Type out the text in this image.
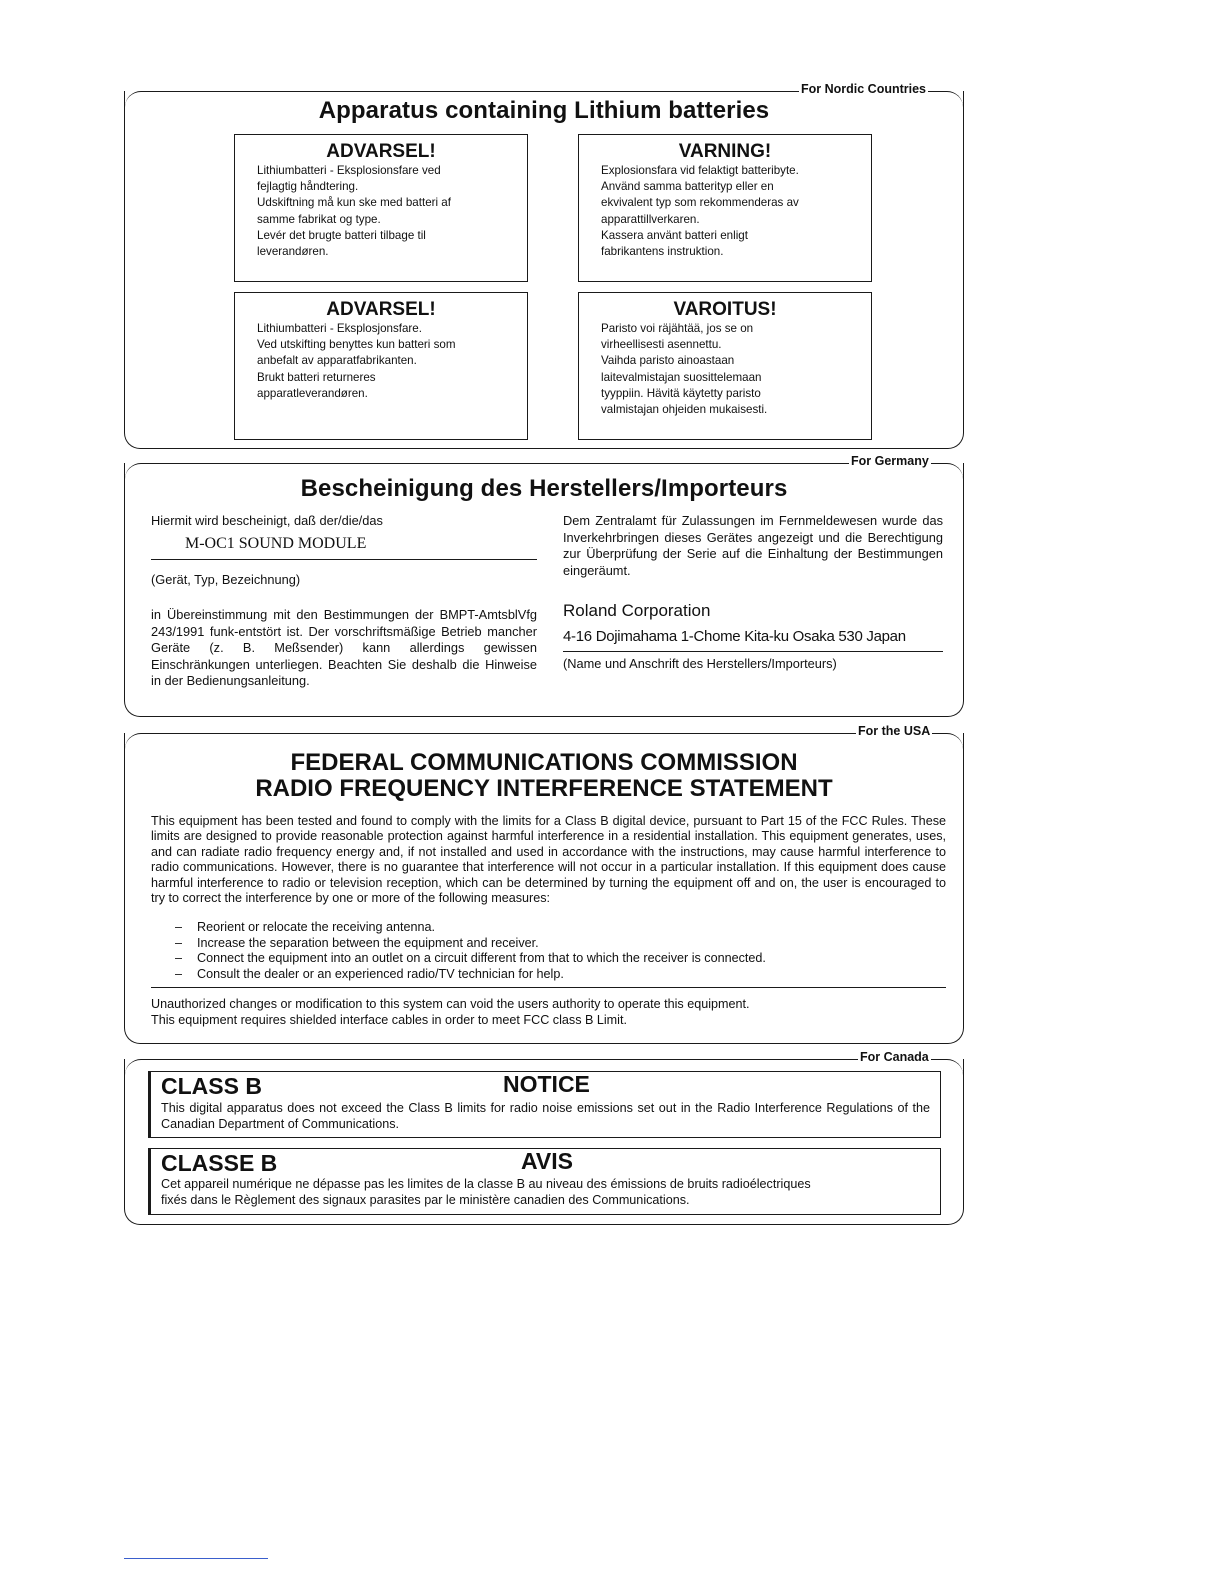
For Nordic Countries
Apparatus containing Lithium batteries
ADVARSEL!
Lithiumbatteri - Eksplosionsfare ved
fejlagtig håndtering.
Udskiftning må kun ske med batteri af
samme fabrikat og type.
Levér det brugte batteri tilbage til
leverandøren.
VARNING!
Explosionsfara vid felaktigt batteribyte.
Använd samma batterityp eller en
ekvivalent typ som rekommenderas av
apparattillverkaren.
Kassera använt batteri enligt
fabrikantens instruktion.
ADVARSEL!
Lithiumbatteri - Eksplosjonsfare.
Ved utskifting benyttes kun batteri som
anbefalt av apparatfabrikanten.
Brukt batteri returneres
apparatleverandøren.
VAROITUS!
Paristo voi räjähtää, jos se on
virheellisesti asennettu.
Vaihda paristo ainoastaan
laitevalmistajan suosittelemaan
tyyppiin. Hävitä käytetty paristo
valmistajan ohjeiden mukaisesti.
For Germany
Bescheinigung des Herstellers/Importeurs
Hiermit wird bescheinigt, daß der/die/das
M-OC1 SOUND MODULE
(Gerät, Typ, Bezeichnung)
in Übereinstimmung mit den Bestimmungen der BMPT-AmtsblVfg 243/1991 funk-entstört ist. Der vorschriftsmäßige Betrieb mancher Geräte (z. B. Meßsender) kann allerdings gewissen Einschränkungen unterliegen. Beachten Sie deshalb die Hinweise in der Bedienungsanleitung.
Dem Zentralamt für Zulassungen im Fernmeldewesen wurde das Inverkehrbringen dieses Gerätes angezeigt und die Berechtigung zur Überprüfung der Serie auf die Einhaltung der Bestimmungen eingeräumt.
Roland Corporation
4-16 Dojimahama 1-Chome Kita-ku Osaka 530 Japan
(Name und Anschrift des Herstellers/Importeurs)
For the USA
FEDERAL COMMUNICATIONS COMMISSION
RADIO FREQUENCY INTERFERENCE STATEMENT
This equipment has been tested and found to comply with the limits for a Class B digital device, pursuant to Part 15 of the FCC Rules. These limits are designed to provide reasonable protection against harmful interference in a residential installation. This equipment generates, uses, and can radiate radio frequency energy and, if not installed and used in accordance with the instructions, may cause harmful interference to radio communications. However, there is no guarantee that interference will not occur in a particular installation. If this equipment does cause harmful interference to radio or television reception, which can be determined by turning the equipment off and on, the user is encouraged to try to correct the interference by one or more of the following measures:
–	Reorient or relocate the receiving antenna.
–	Increase the separation between the equipment and receiver.
–	Connect the equipment into an outlet on a circuit different from that to which the receiver is connected.
–	Consult the dealer or an experienced radio/TV technician for help.
Unauthorized changes or modification to this system can void the users authority to operate this equipment.
This equipment requires shielded interface cables in order to meet FCC class B Limit.
For Canada
CLASS B	NOTICE
This digital apparatus does not exceed the Class B limits for radio noise emissions set out in the Radio Interference Regulations of the Canadian Department of Communications.
CLASSE B	AVIS
Cet appareil numérique ne dépasse pas les limites de la classe B au niveau des émissions de bruits radioélectriques
fixés dans le Règlement des signaux parasites par le ministère canadien des Communications.
